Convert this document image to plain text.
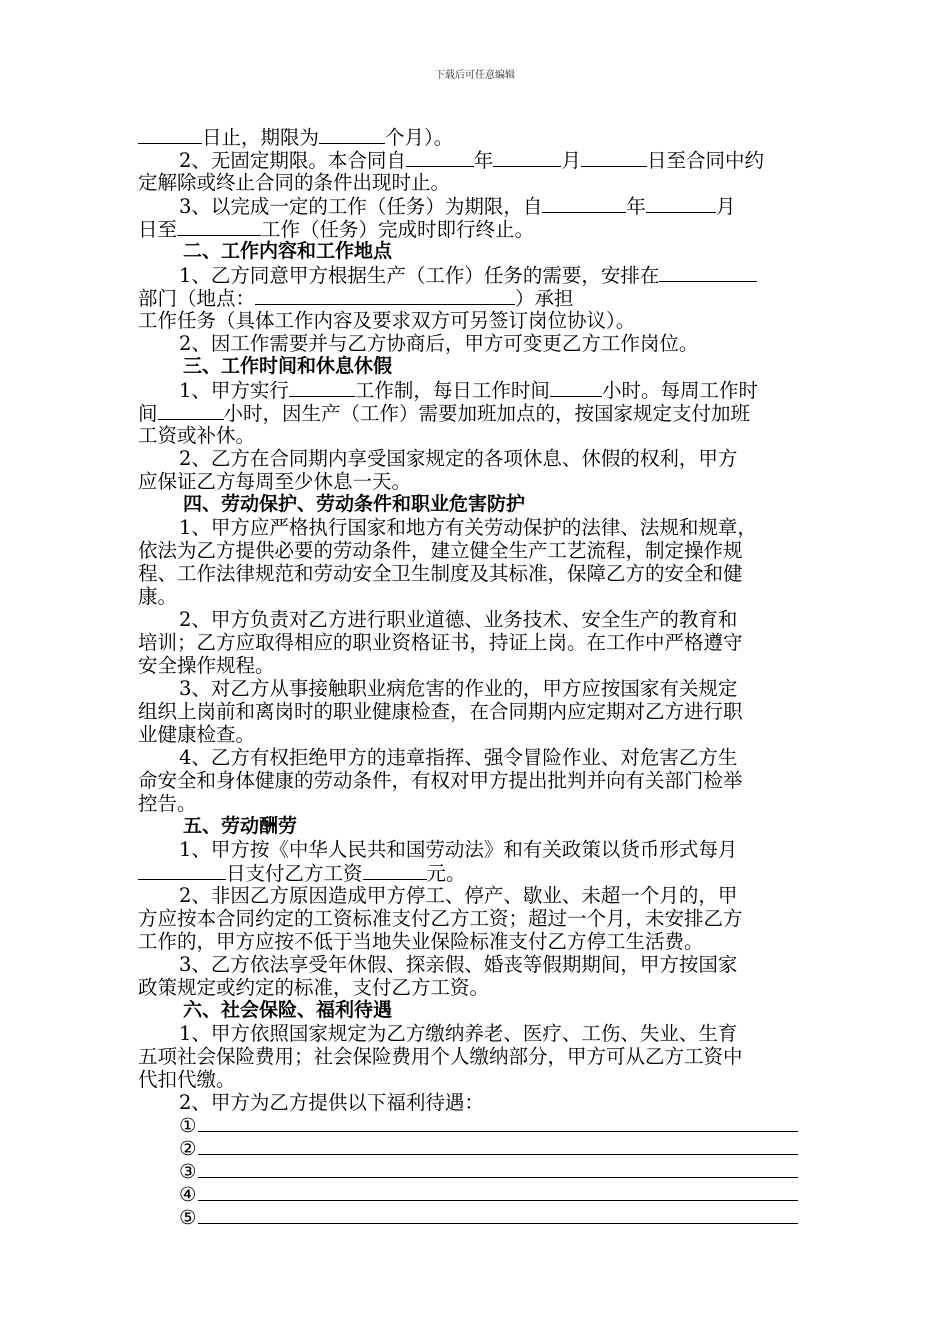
下载后可任意编辑
日止，期限为	个月）。
2、无固定期限。本合同自	年	月	日至合同中约
定解除或终止合同的条件出现时止。
3、以完成一定的工作（任务）为期限，自	年	月
日至	工作（任务）完成时即行终止。
二、工作内容和工作地点
1、乙方同意甲方根据生产（工作）任务的需要，安排在
部门（地点：	）承担
工作任务（具体工作内容及要求双方可另签订岗位协议）。
2、因工作需要并与乙方协商后，甲方可变更乙方工作岗位。
三、工作时间和休息休假
1、甲方实行	工作制，每日工作时间	小时。每周工作时
间	小时，因生产（工作）需要加班加点的，按国家规定支付加班
工资或补休。
2、乙方在合同期内享受国家规定的各项休息、休假的权利，甲方
应保证乙方每周至少休息一天。
四、劳动保护、劳动条件和职业危害防护
1、甲方应严格执行国家和地方有关劳动保护的法律、法规和规章，
依法为乙方提供必要的劳动条件，建立健全生产工艺流程，制定操作规
程、工作法律规范和劳动安全卫生制度及其标准，保障乙方的安全和健
康。
2、甲方负责对乙方进行职业道德、业务技术、安全生产的教育和
培训；乙方应取得相应的职业资格证书，持证上岗。在工作中严格遵守
安全操作规程。
3、对乙方从事接触职业病危害的作业的，甲方应按国家有关规定
组织上岗前和离岗时的职业健康检查，在合同期内应定期对乙方进行职
业健康检查。
4、乙方有权拒绝甲方的违章指挥、强令冒险作业、对危害乙方生
命安全和身体健康的劳动条件，有权对甲方提出批判并向有关部门检举
控告。
五、劳动酬劳
1、甲方按《中华人民共和国劳动法》和有关政策以货币形式每月
日支付乙方工资	元。
2、非因乙方原因造成甲方停工、停产、歇业、未超一个月的，甲
方应按本合同约定的工资标准支付乙方工资；超过一个月，未安排乙方
工作的，甲方应按不低于当地失业保险标准支付乙方停工生活费。
3、乙方依法享受年休假、探亲假、婚丧等假期期间，甲方按国家
政策规定或约定的标准，支付乙方工资。
六、社会保险、福利待遇
1、甲方依照国家规定为乙方缴纳养老、医疗、工伤、失业、生育
五项社会保险费用；社会保险费用个人缴纳部分，甲方可从乙方工资中
代扣代缴。
2、甲方为乙方提供以下福利待遇：
①
②
③
④
⑤
